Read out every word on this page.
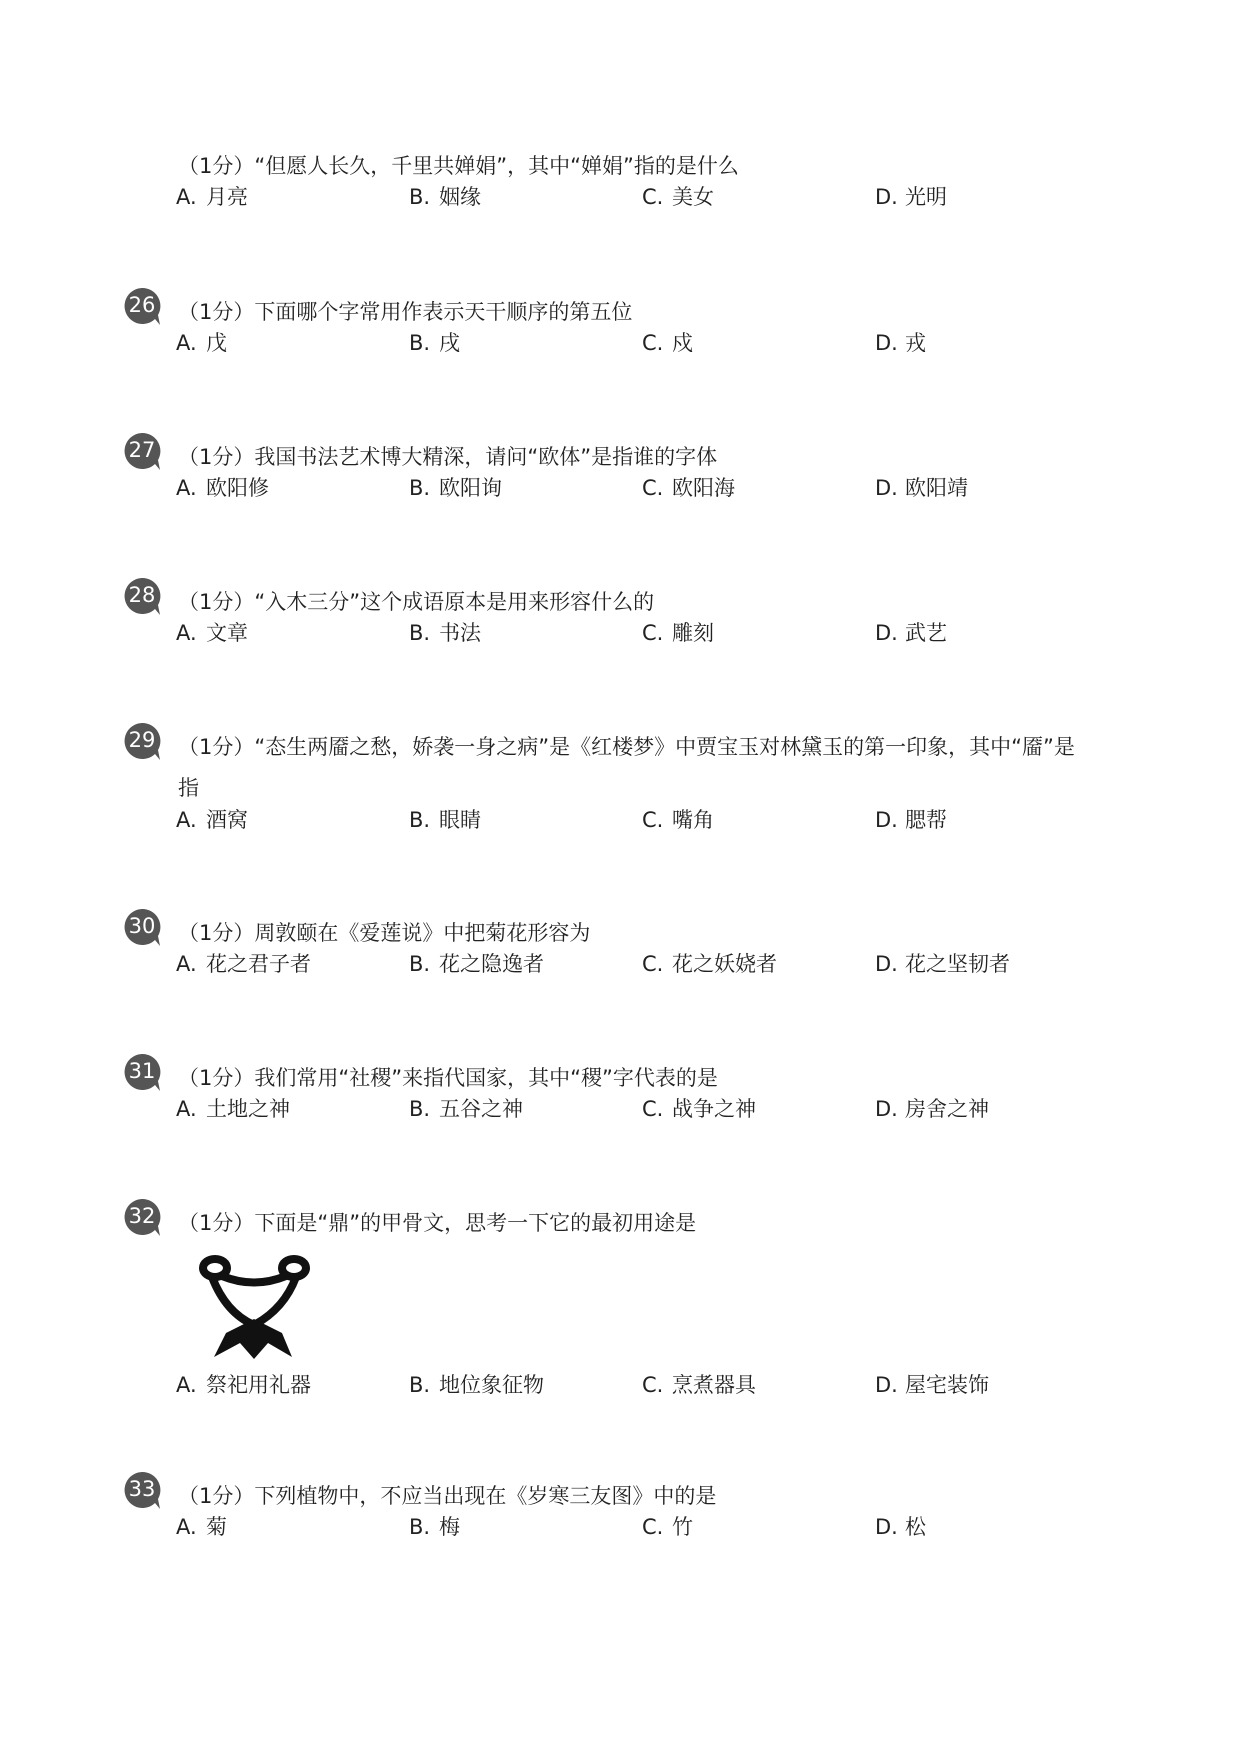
（1分）“但愿人长久，千里共婵娟”，其中“婵娟”指的是什么

A. 月亮	B. 姻缘	C. 美女	D. 光明
26	（1分）下面哪个字常用作表示天干顺序的第五位

A. 戊	B. 戌	C. 戍	D. 戎
27	（1分）我国书法艺术博大精深，请问“欧体”是指谁的字体

A. 欧阳修	B. 欧阳询	C. 欧阳海	D. 欧阳靖
28	（1分）“入木三分”这个成语原本是用来形容什么的

A. 文章	B. 书法	C. 雕刻	D. 武艺
29	（1分）“态生两靥之愁，娇袭一身之病”是《红楼梦》中贾宝玉对林黛玉的第一印象，其中“靥”是指

A. 酒窝	B. 眼睛	C. 嘴角	D. 腮帮
30	（1分）周敦颐在《爱莲说》中把菊花形容为

A. 花之君子者	B. 花之隐逸者	C. 花之妖娆者	D. 花之坚韧者
31	（1分）我们常用“社稷”来指代国家，其中“稷”字代表的是

A. 土地之神	B. 五谷之神	C. 战争之神	D. 房舍之神
32	（1分）下面是“鼎”的甲骨文，思考一下它的最初用途是

A. 祭祀用礼器	B. 地位象征物	C. 烹煮器具	D. 屋宅装饰
33	（1分）下列植物中，不应当出现在《岁寒三友图》中的是

A. 菊	B. 梅	C. 竹	D. 松
